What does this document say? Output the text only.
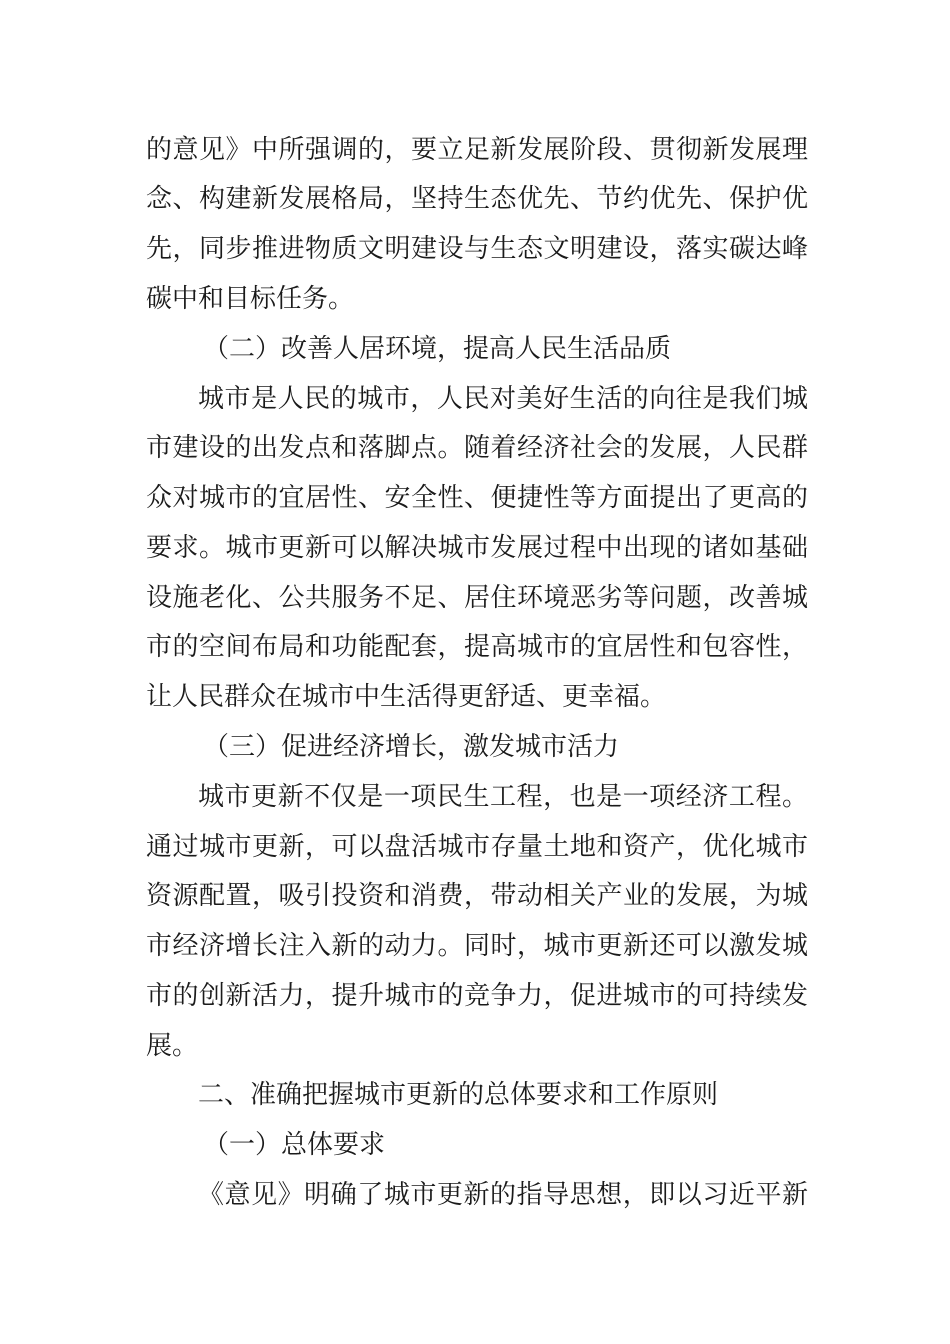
的意见》中所强调的，要立足新发展阶段、贯彻新发展理
念、构建新发展格局，坚持生态优先、节约优先、保护优
先，同步推进物质文明建设与生态文明建设，落实碳达峰
碳中和目标任务。
（二）改善人居环境，提高人民生活品质
城市是人民的城市，人民对美好生活的向往是我们城
市建设的出发点和落脚点。随着经济社会的发展，人民群
众对城市的宜居性、安全性、便捷性等方面提出了更高的
要求。城市更新可以解决城市发展过程中出现的诸如基础
设施老化、公共服务不足、居住环境恶劣等问题，改善城
市的空间布局和功能配套，提高城市的宜居性和包容性，
让人民群众在城市中生活得更舒适、更幸福。
（三）促进经济增长，激发城市活力
城市更新不仅是一项民生工程，也是一项经济工程。
通过城市更新，可以盘活城市存量土地和资产，优化城市
资源配置，吸引投资和消费，带动相关产业的发展，为城
市经济增长注入新的动力。同时，城市更新还可以激发城
市的创新活力，提升城市的竞争力，促进城市的可持续发
展。
二、准确把握城市更新的总体要求和工作原则
（一）总体要求
《意见》明确了城市更新的指导思想，即以习近平新
